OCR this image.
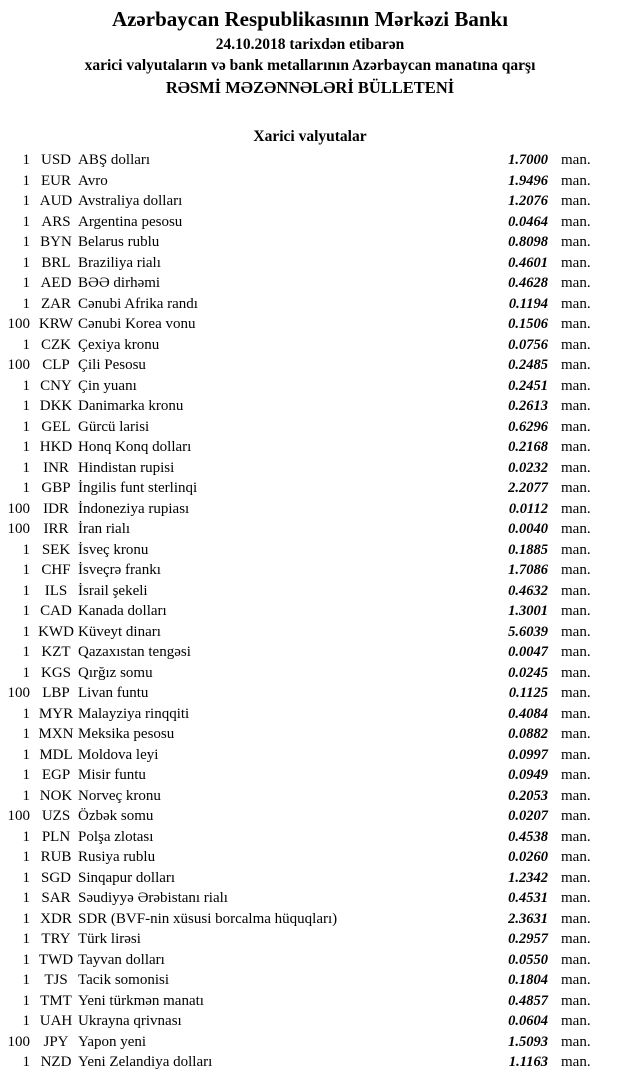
Azərbaycan Respublikasının Mərkəzi Bankı
24.10.2018 tarixdən etibarən
xarici valyutaların və bank metallarının Azərbaycan manatına qarşı
RƏSMİ MƏZƏNNƏLƏRİ BÜLLETENİ
Xarici valyutalar
1 USD ABŞ dolları	1.7000 man.
1 EUR Avro	1.9496 man.
1 AUD Avstraliya dolları	1.2076 man.
1 ARS Argentina pesosu	0.0464 man.
1 BYN Belarus rublu	0.8098 man.
1 BRL Braziliya rialı	0.4601 man.
1 AED BƏƏ dirhəmi	0.4628 man.
1 ZAR Cənubi Afrika randı	0.1194 man.
100 KRW Cənubi Korea vonu	0.1506 man.
1 CZK Çexiya kronu	0.0756 man.
100 CLP Çili Pesosu	0.2485 man.
1 CNY Çin yuanı	0.2451 man.
1 DKK Danimarka kronu	0.2613 man.
1 GEL Gürcü larisi	0.6296 man.
1 HKD Honq Konq dolları	0.2168 man.
1 INR Hindistan rupisi	0.0232 man.
1 GBP İngilis funt sterlinqi	2.2077 man.
100 IDR İndoneziya rupiası	0.0112 man.
100 IRR İran rialı	0.0040 man.
1 SEK İsveç kronu	0.1885 man.
1 CHF İsveçrə frankı	1.7086 man.
1 ILS İsrail şekeli	0.4632 man.
1 CAD Kanada dolları	1.3001 man.
1 KWD Küveyt dinarı	5.6039 man.
1 KZT Qazaxıstan tengəsi	0.0047 man.
1 KGS Qırğız somu	0.0245 man.
100 LBP Livan funtu	0.1125 man.
1 MYR Malayziya rinqqiti	0.4084 man.
1 MXN Meksika pesosu	0.0882 man.
1 MDL Moldova leyi	0.0997 man.
1 EGP Misir funtu	0.0949 man.
1 NOK Norveç kronu	0.2053 man.
100 UZS Özbək somu	0.0207 man.
1 PLN Polşa zlotası	0.4538 man.
1 RUB Rusiya rublu	0.0260 man.
1 SGD Sinqapur dolları	1.2342 man.
1 SAR Səudiyyə Ərəbistanı rialı	0.4531 man.
1 XDR SDR (BVF-nin xüsusi borcalma hüquqları)	2.3631 man.
1 TRY Türk lirəsi	0.2957 man.
1 TWD Tayvan dolları	0.0550 man.
1 TJS Tacik somonisi	0.1804 man.
1 TMT Yeni türkmən manatı	0.4857 man.
1 UAH Ukrayna qrivnası	0.0604 man.
100 JPY Yapon yeni	1.5093 man.
1 NZD Yeni Zelandiya dolları	1.1163 man.
